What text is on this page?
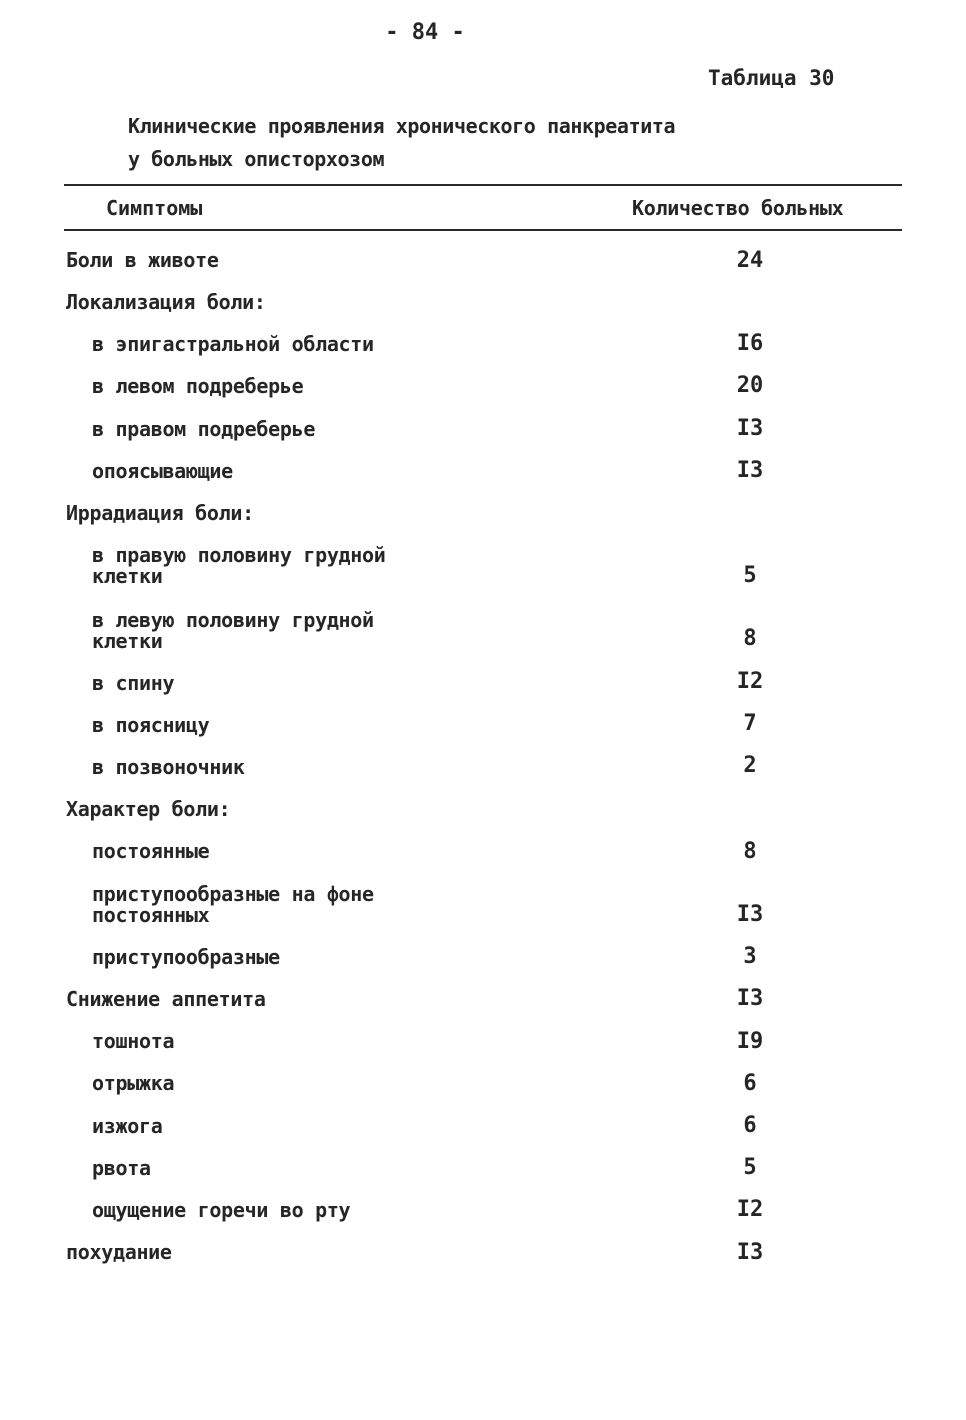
- 84 -
Таблица 30
Клинические проявления хронического панкреатита
у больных описторхозом
Симптомы	Количество больных
Боли в животе	24
Локализация боли:
в эпигастральной области	I6
в левом подреберье	20
в правом подреберье	I3
опоясывающие	I3
Иррадиация боли:
в правую половину грудной
клетки	5
в левую половину грудной
клетки	8
в спину	I2
в поясницу	7
в позвоночник	2
Характер боли:
постоянные	8
приступообразные на фоне
постоянных	I3
приступообразные	3
Снижение аппетита	I3
тошнота	I9
отрыжка	6
изжога	6
рвота	5
ощущение горечи во рту	I2
похудание	I3
